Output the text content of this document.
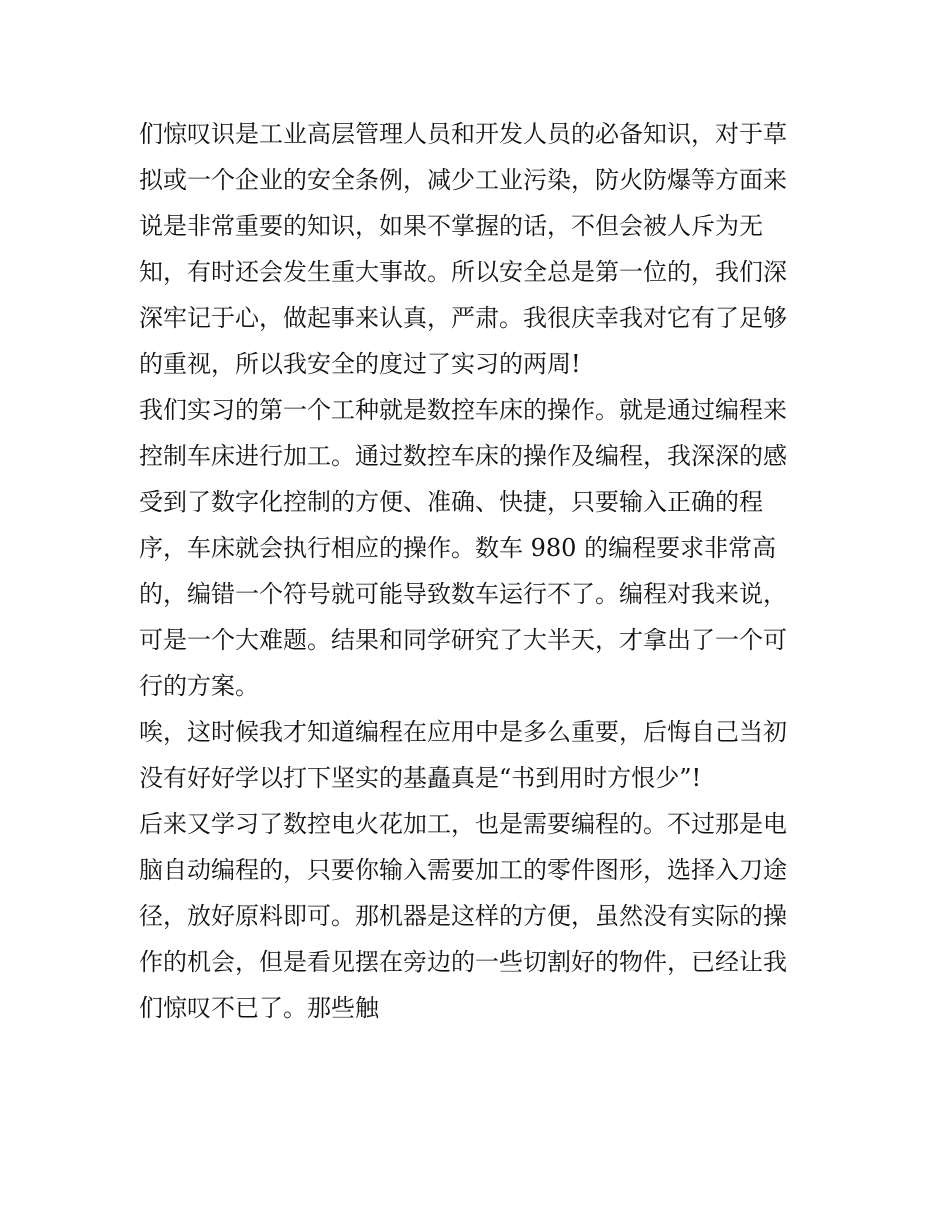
们惊叹识是工业高层管理人员和开发人员的必备知识，对于草
拟或一个企业的安全条例，减少工业污染，防火防爆等方面来
说是非常重要的知识，如果不掌握的话，不但会被人斥为无
知，有时还会发生重大事故。所以安全总是第一位的，我们深
深牢记于心，做起事来认真，严肃。我很庆幸我对它有了足够
的重视，所以我安全的度过了实习的两周!
我们实习的第一个工种就是数控车床的操作。就是通过编程来
控制车床进行加工。通过数控车床的操作及编程，我深深的感
受到了数字化控制的方便、准确、快捷，只要输入正确的程
序，车床就会执行相应的操作。数车 980 的编程要求非常高
的，编错一个符号就可能导致数车运行不了。编程对我来说，
可是一个大难题。结果和同学研究了大半天，才拿出了一个可
行的方案。
唉，这时候我才知道编程在应用中是多么重要，后悔自己当初
没有好好学以打下坚实的基矗真是“书到用时方恨少”!
后来又学习了数控电火花加工，也是需要编程的。不过那是电
脑自动编程的，只要你输入需要加工的零件图形，选择入刀途
径，放好原料即可。那机器是这样的方便，虽然没有实际的操
作的机会，但是看见摆在旁边的一些切割好的物件，已经让我
们惊叹不已了。那些触
